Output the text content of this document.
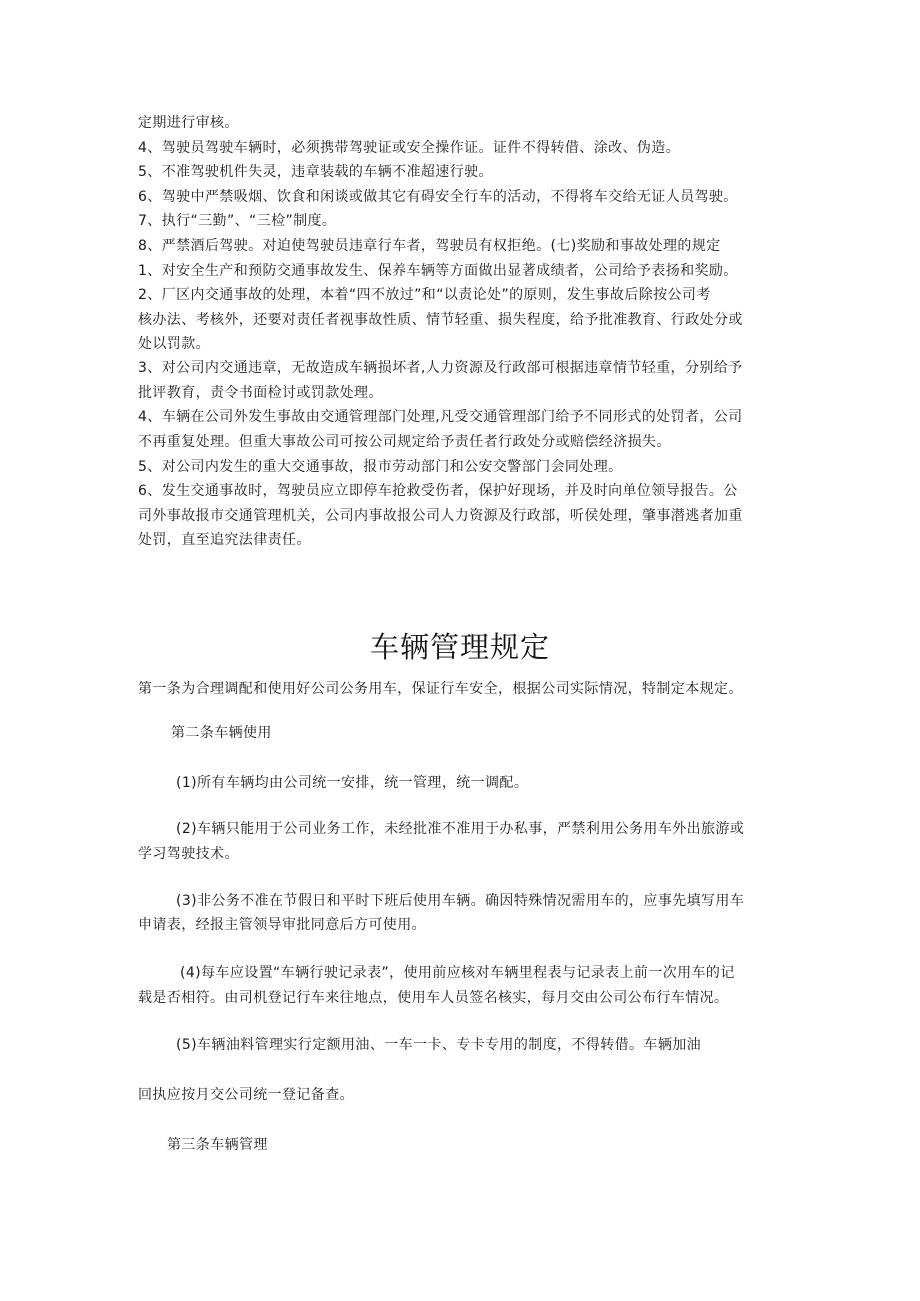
定期进行审核。
4、驾驶员驾驶车辆时，必须携带驾驶证或安全操作证。证件不得转借、涂改、伪造。
5、不准驾驶机件失灵，违章装载的车辆不准超速行驶。
6、驾驶中严禁吸烟、饮食和闲谈或做其它有碍安全行车的活动，不得将车交给无证人员驾驶。
7、执行“三勤”、“三检”制度。
8、严禁酒后驾驶。对迫使驾驶员违章行车者，驾驶员有权拒绝。(七)奖励和事故处理的规定
1、对安全生产和预防交通事故发生、保养车辆等方面做出显著成绩者，公司给予表扬和奖励。
2、厂区内交通事故的处理，本着“四不放过”和“以责论处”的原则，发生事故后除按公司考
核办法、考核外，还要对责任者视事故性质、情节轻重、损失程度，给予批准教育、行政处分或
处以罚款。
3、对公司内交通违章，无故造成车辆损坏者,人力资源及行政部可根据违章情节轻重，分别给予
批评教育，责令书面检讨或罚款处理。
4、车辆在公司外发生事故由交通管理部门处理,凡受交通管理部门给予不同形式的处罚者，公司
不再重复处理。但重大事故公司可按公司规定给予责任者行政处分或赔偿经济损失。
5、对公司内发生的重大交通事故，报市劳动部门和公安交警部门会同处理。
6、发生交通事故时，驾驶员应立即停车抢救受伤者，保护好现场，并及时向单位领导报告。公
司外事故报市交通管理机关，公司内事故报公司人力资源及行政部，听侯处理，肇事潜逃者加重
处罚，直至追究法律责任。
车辆管理规定
第一条为合理调配和使用好公司公务用车，保证行车安全，根据公司实际情况，特制定本规定。
第二条车辆使用
(1)所有车辆均由公司统一安排，统一管理，统一调配。
(2)车辆只能用于公司业务工作，未经批准不准用于办私事，严禁利用公务用车外出旅游或
学习驾驶技术。
(3)非公务不准在节假日和平时下班后使用车辆。确因特殊情况需用车的，应事先填写用车
申请表，经报主管领导审批同意后方可使用。
(4)每车应设置“车辆行驶记录表”，使用前应核对车辆里程表与记录表上前一次用车的记
载是否相符。由司机登记行车来往地点，使用车人员签名核实，每月交由公司公布行车情况。
(5)车辆油料管理实行定额用油、一车一卡、专卡专用的制度，不得转借。车辆加油
回执应按月交公司统一登记备查。
第三条车辆管理
